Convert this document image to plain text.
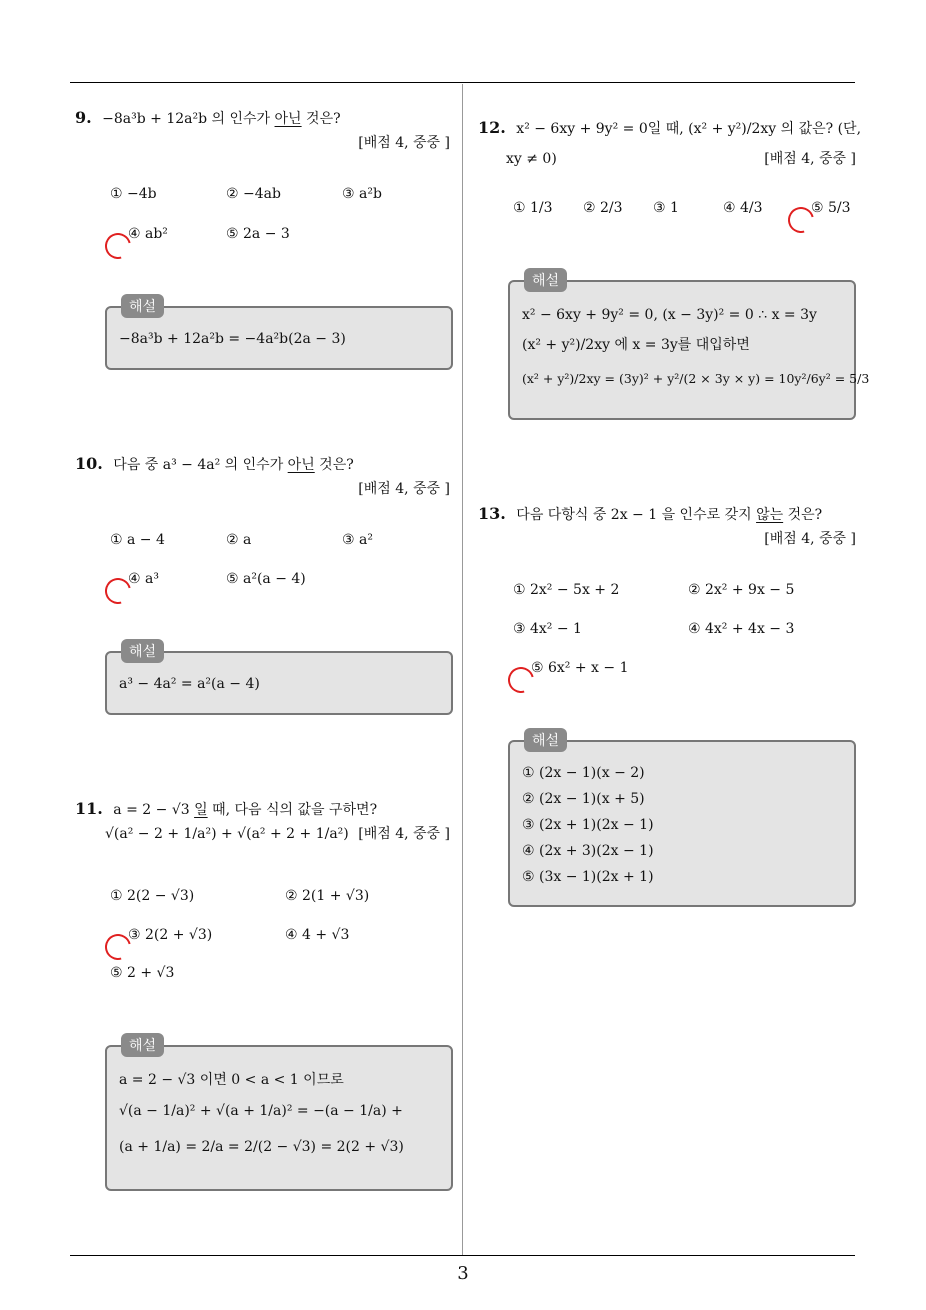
3
9. −8a³b + 12a²b 의 인수가 아닌 것은?
[배점 4, 중중 ]
① −4b	② −4ab	③ a²b
④ ab²	⑤ 2a − 3
해설
−8a³b + 12a²b = −4a²b(2a − 3)
10. 다음 중 a³ − 4a² 의 인수가 아닌 것은?
[배점 4, 중중 ]
① a − 4	② a	③ a²
④ a³	⑤ a²(a − 4)
해설
a³ − 4a² = a²(a − 4)
11. a = 2 − √3 일 때, 다음 식의 값을 구하면?
√(a² − 2 + 1/a²) + √(a² + 2 + 1/a²) [배점 4, 중중 ]
① 2(2 − √3)	② 2(1 + √3)
③ 2(2 + √3)	④ 4 + √3
⑤ 2 + √3
해설
a = 2 − √3 이면 0 < a < 1 이므로
√(a − 1/a)² + √(a + 1/a)² = −(a − 1/a) +
(a + 1/a) = 2/a = 2/(2 − √3) = 2(2 + √3)
12. x² − 6xy + 9y² = 0일 때, (x² + y²)/2xy 의 값은? (단,
xy ≠ 0)	[배점 4, 중중 ]
① 1/3 ② 2/3 ③ 1	④ 4/3	⑤ 5/3
해설
x² − 6xy + 9y² = 0, (x − 3y)² = 0 ∴ x = 3y
(x² + y²)/2xy 에 x = 3y를 대입하면
(x² + y²)/2xy = (3y)² + y²/(2 × 3y × y) = 10y²/6y² = 5/3
13. 다음 다항식 중 2x − 1 을 인수로 갖지 않는 것은?
[배점 4, 중중 ]
① 2x² − 5x + 2	② 2x² + 9x − 5
③ 4x² − 1	④ 4x² + 4x − 3
⑤ 6x² + x − 1
해설
① (2x − 1)(x − 2)
② (2x − 1)(x + 5)
③ (2x + 1)(2x − 1)
④ (2x + 3)(2x − 1)
⑤ (3x − 1)(2x + 1)
